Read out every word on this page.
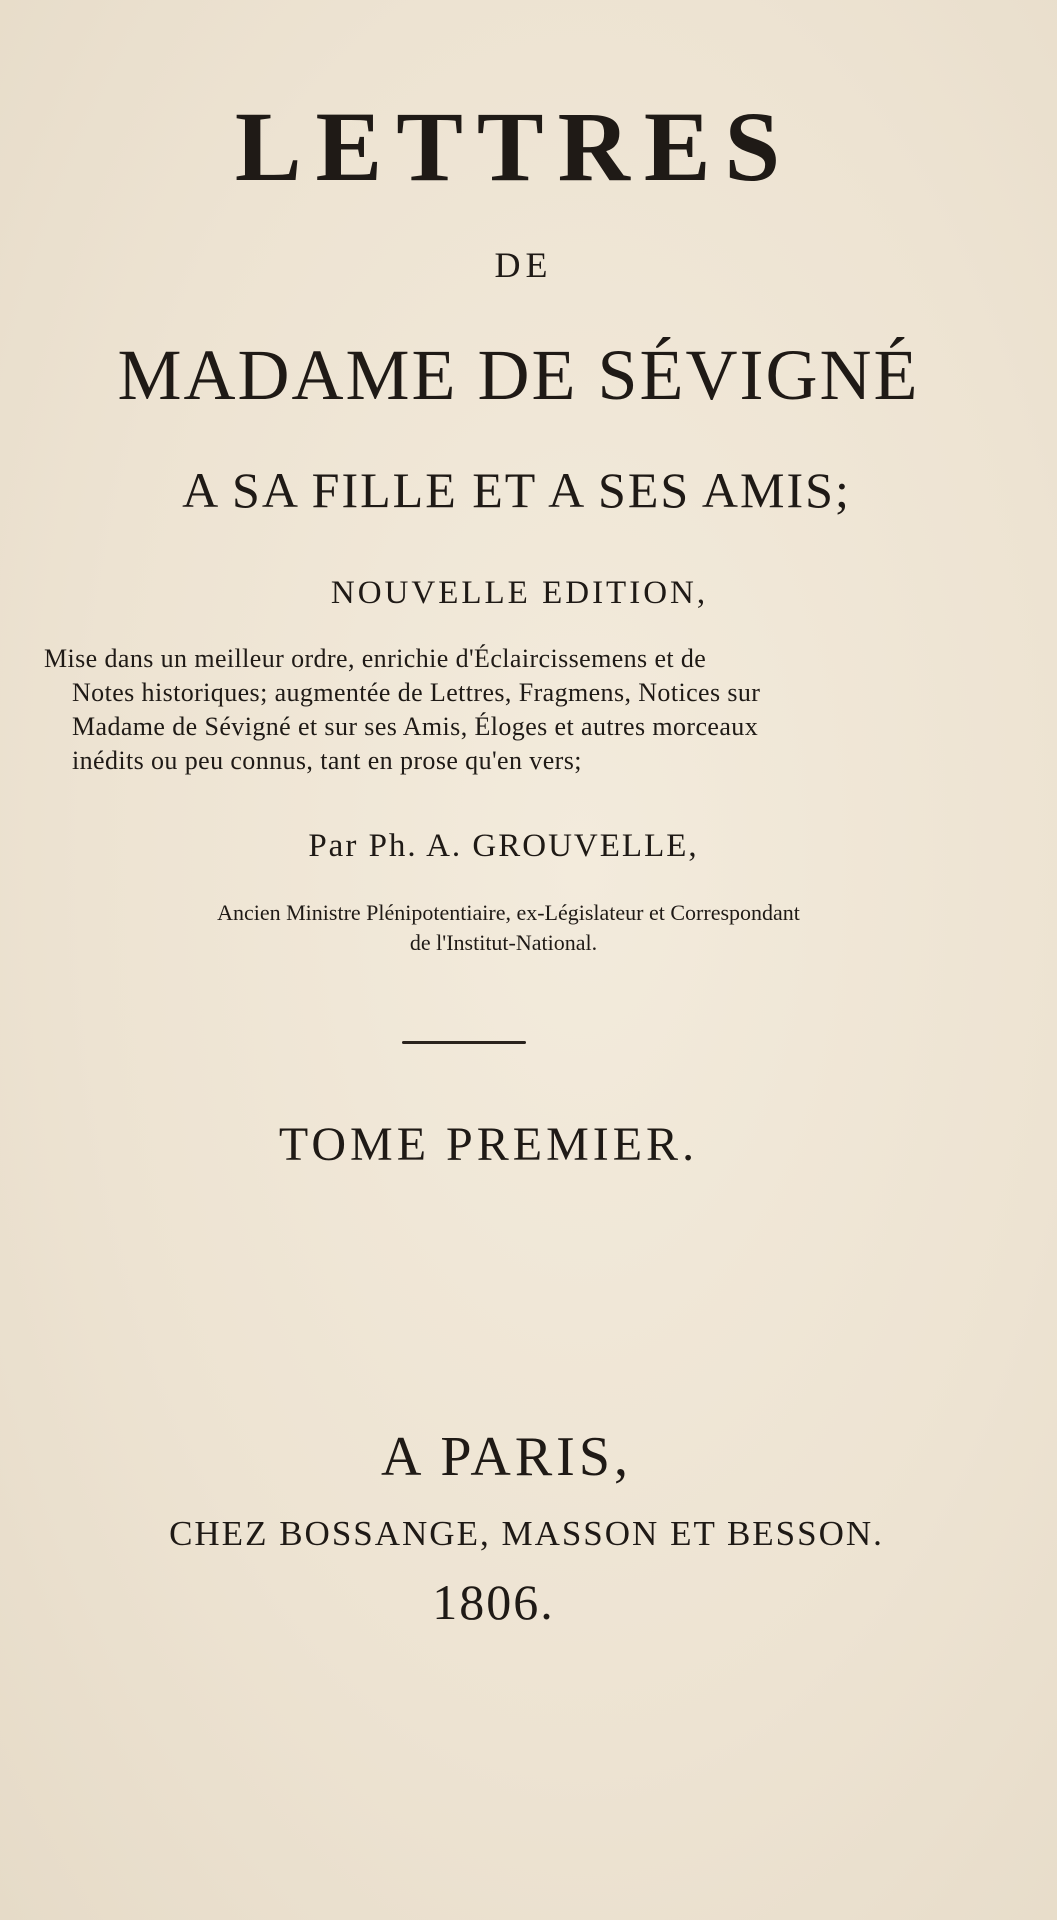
LETTRES
DE
MADAME DE SÉVIGNÉ
A SA FILLE ET A SES AMIS;
NOUVELLE EDITION,

Mise dans un meilleur ordre, enrichie d'Éclaircissemens et de
Notes historiques; augmentée de Lettres, Fragmens, Notices sur
Madame de Sévigné et sur ses Amis, Éloges et autres morceaux
inédits ou peu connus, tant en prose qu'en vers;

Par Ph. A. GROUVELLE,

Ancien Ministre Plénipotentiaire, ex-Législateur et Correspondant
de l'Institut-National.

TOME PREMIER.
A PARIS,
CHEZ BOSSANGE, MASSON ET BESSON.
1806.
